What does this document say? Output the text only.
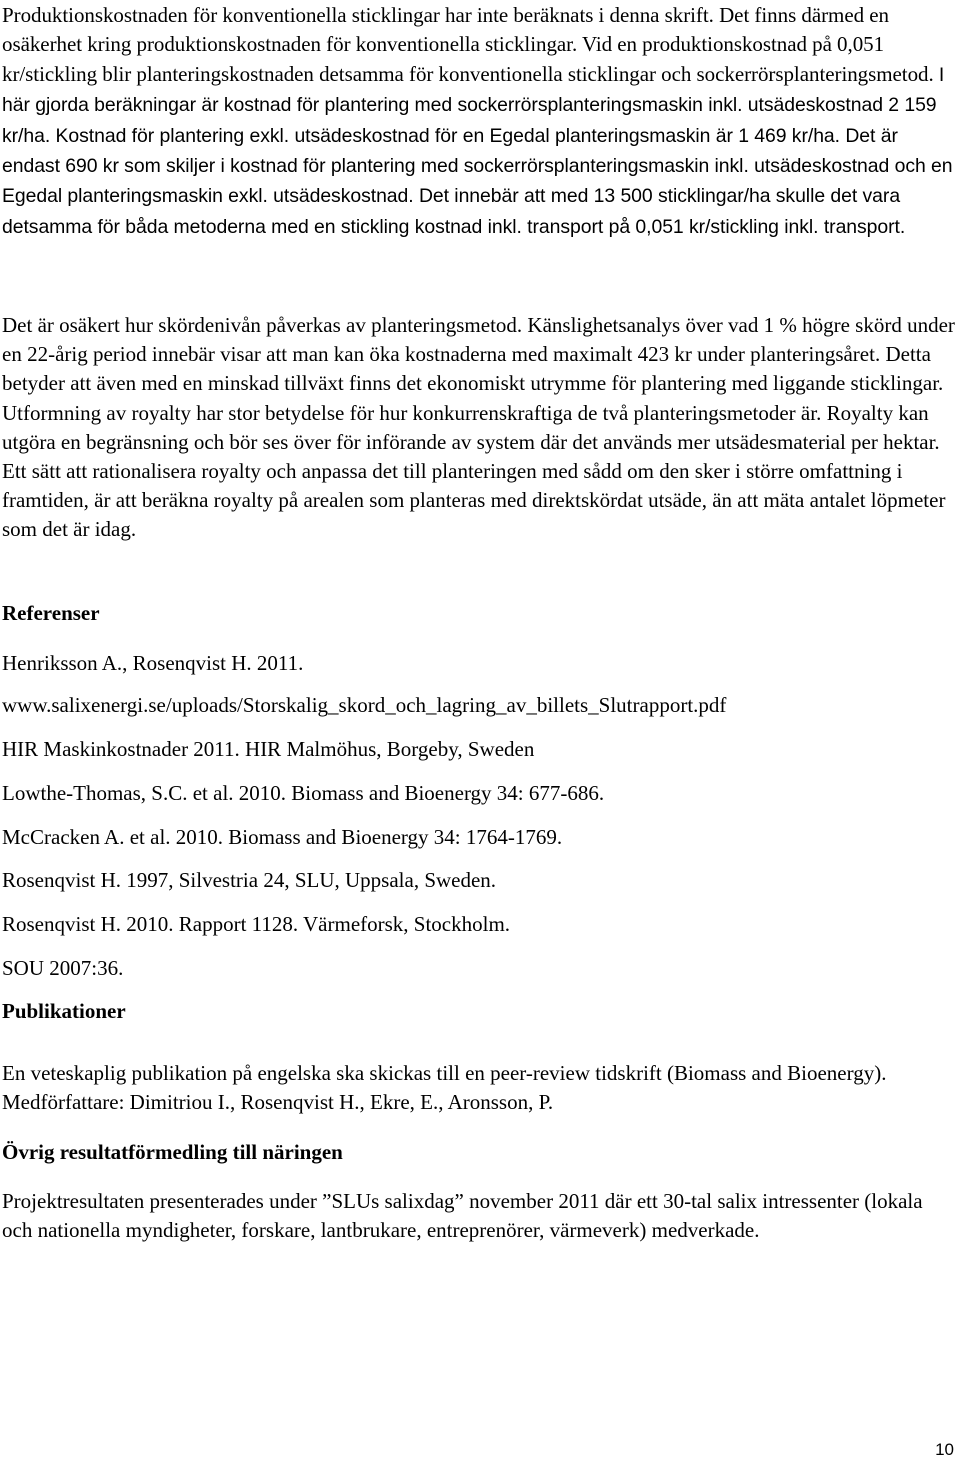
Produktionskostnaden för konventionella sticklingar har inte beräknats i denna skrift. Det finns därmed en osäkerhet kring produktionskostnaden för konventionella sticklingar. Vid en produktionskostnad på 0,051 kr/stickling blir planteringskostnaden detsamma för konventionella sticklingar och sockerrörsplanteringsmetod. I här gjorda beräkningar är kostnad för plantering med sockerrörsplanteringsmaskin inkl. utsädeskostnad 2 159 kr/ha. Kostnad för plantering exkl. utsädeskostnad för en Egedal planteringsmaskin är 1 469 kr/ha. Det är endast 690 kr som skiljer i kostnad för plantering med sockerrörsplanteringsmaskin inkl. utsädeskostnad och en Egedal planteringsmaskin exkl. utsädeskostnad. Det innebär att med 13 500 sticklingar/ha skulle det vara detsamma för båda metoderna med en stickling kostnad inkl. transport på 0,051 kr/stickling inkl. transport.

Det är osäkert hur skördenivån påverkas av planteringsmetod. Känslighetsanalys över vad 1 % högre skörd under en 22-årig period innebär visar att man kan öka kostnaderna med maximalt 423 kr under planteringsåret. Detta betyder att även med en minskad tillväxt finns det ekonomiskt utrymme för plantering med liggande sticklingar. Utformning av royalty har stor betydelse för hur konkurrenskraftiga de två planteringsmetoder är. Royalty kan utgöra en begränsning och bör ses över för införande av system där det används mer utsädesmaterial per hektar. Ett sätt att rationalisera royalty och anpassa det till planteringen med sådd om den sker i större omfattning i framtiden, är att beräkna royalty på arealen som planteras med direktskördat utsäde, än att mäta antalet löpmeter som det är idag.

Referenser

Henriksson A., Rosenqvist H. 2011.

www.salixenergi.se/uploads/Storskalig_skord_och_lagring_av_billets_Slutrapport.pdf

HIR Maskinkostnader 2011. HIR Malmöhus, Borgeby, Sweden

Lowthe-Thomas, S.C. et al. 2010. Biomass and Bioenergy 34: 677-686.

McCracken A. et al. 2010. Biomass and Bioenergy 34: 1764-1769.

Rosenqvist H. 1997, Silvestria 24, SLU, Uppsala, Sweden.

Rosenqvist H. 2010. Rapport 1128. Värmeforsk, Stockholm.

SOU 2007:36.

Publikationer

En veteskaplig publikation på engelska ska skickas till en peer-review tidskrift (Biomass and Bioenergy). Medförfattare: Dimitriou I., Rosenqvist H., Ekre, E., Aronsson, P.

Övrig resultatförmedling till näringen

Projektresultaten presenterades under ”SLUs salixdag” november 2011 där ett 30-tal salix intressenter (lokala och nationella myndigheter, forskare, lantbrukare, entreprenörer, värmeverk) medverkade.

10
